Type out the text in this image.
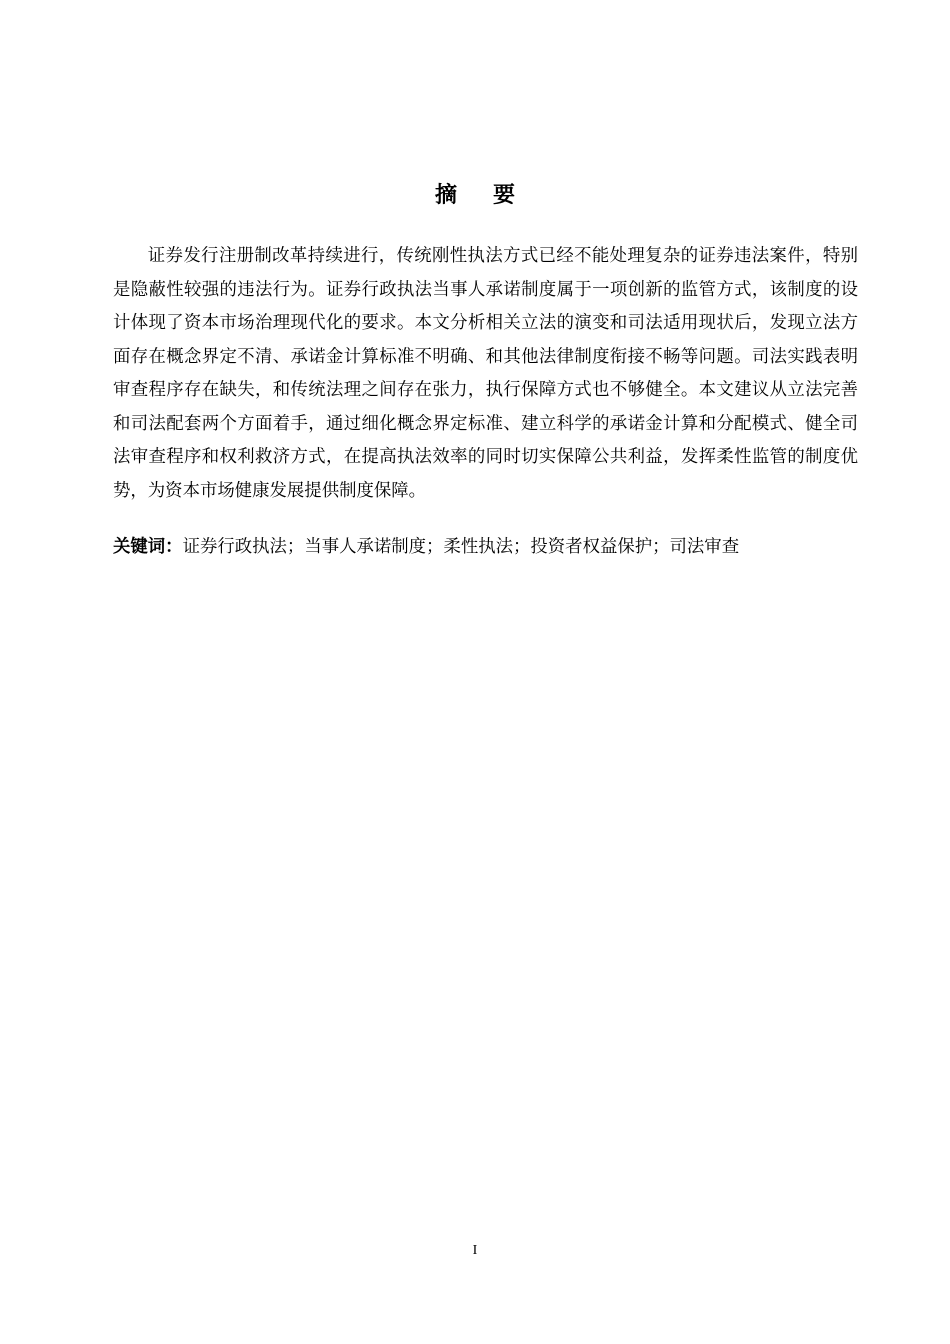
摘要

证券发行注册制改革持续进行，传统刚性执法方式已经不能处理复杂的证券违法案件，特别是隐蔽性较强的违法行为。证券行政执法当事人承诺制度属于一项创新的监管方式，该制度的设计体现了资本市场治理现代化的要求。本文分析相关立法的演变和司法适用现状后，发现立法方面存在概念界定不清、承诺金计算标准不明确、和其他法律制度衔接不畅等问题。司法实践表明审查程序存在缺失，和传统法理之间存在张力，执行保障方式也不够健全。本文建议从立法完善和司法配套两个方面着手，通过细化概念界定标准、建立科学的承诺金计算和分配模式、健全司法审查程序和权利救济方式，在提高执法效率的同时切实保障公共利益，发挥柔性监管的制度优势，为资本市场健康发展提供制度保障。

关键词：证券行政执法；当事人承诺制度；柔性执法；投资者权益保护；司法审查

I
